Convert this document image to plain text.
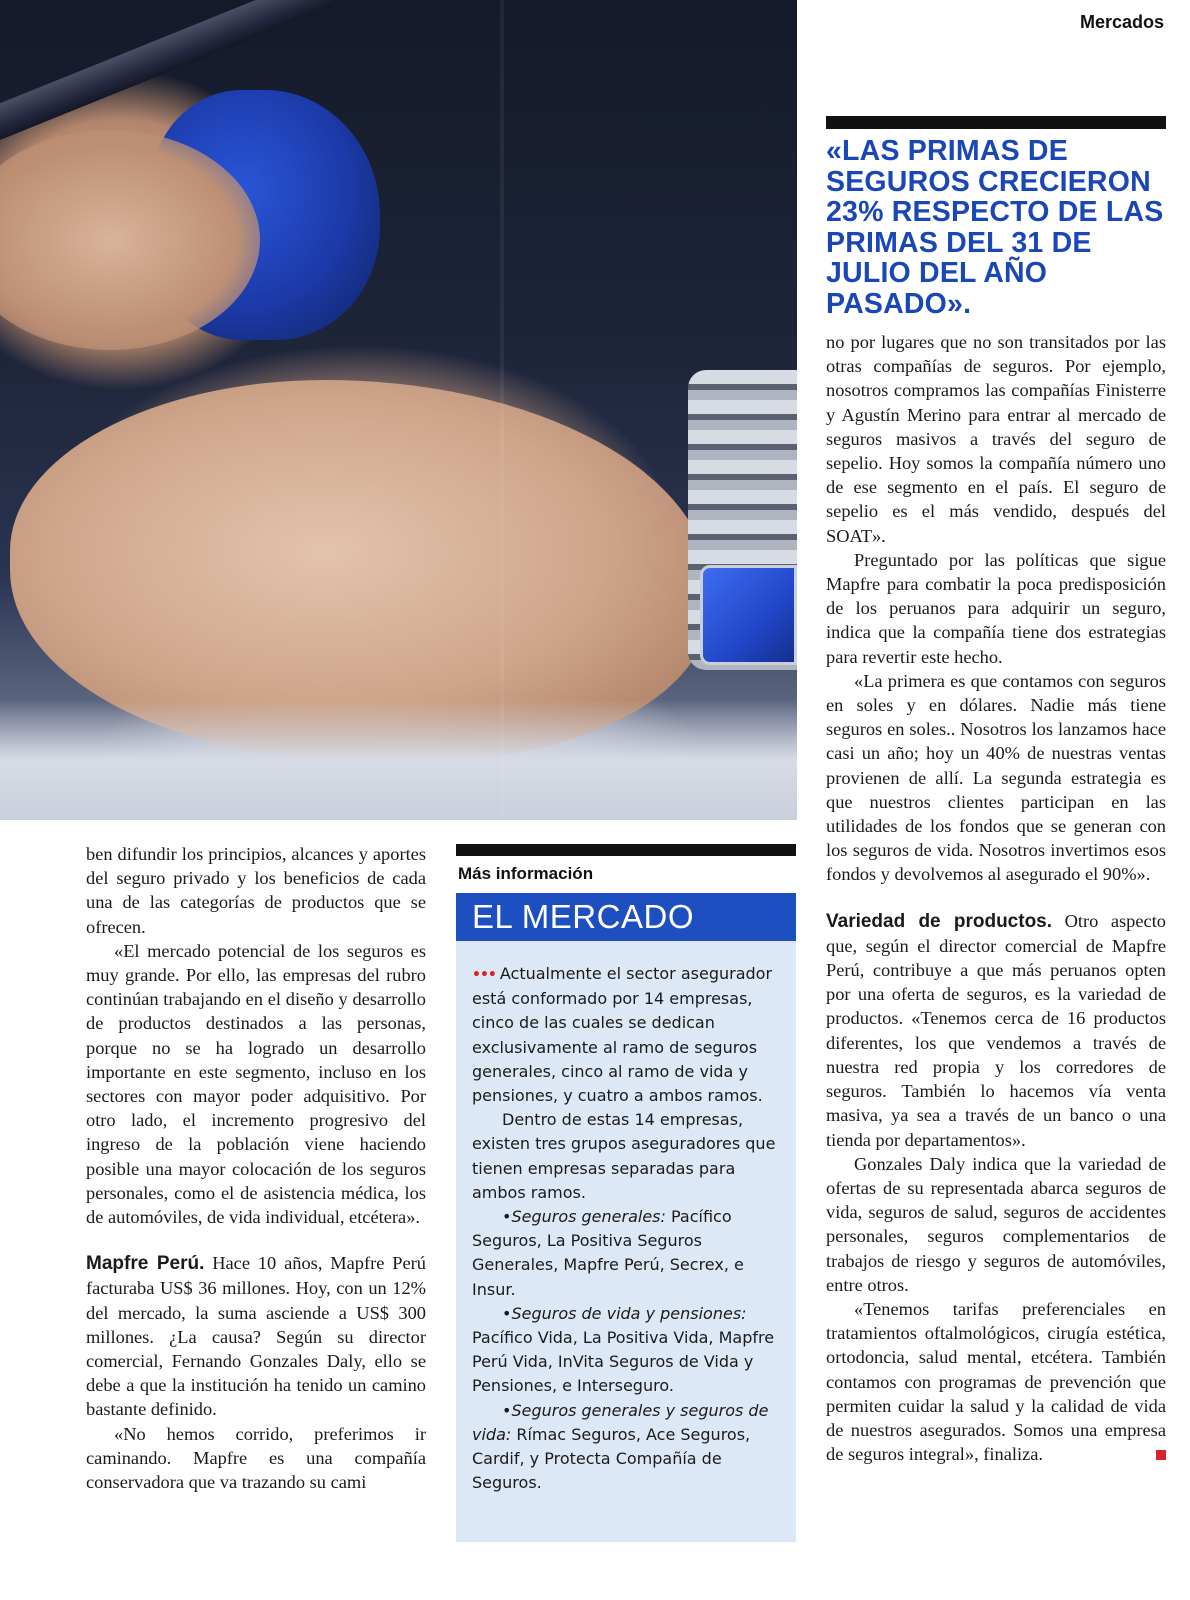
Mercados
«LAS PRIMAS DE SEGUROS CRECIERON 23% RESPECTO DE LAS PRIMAS DEL 31 DE JULIO DEL AÑO PASADO».

ben difundir los principios, alcances y aportes del seguro privado y los beneficios de cada una de las categorías de productos que se ofrecen.

«El mercado potencial de los seguros es muy grande. Por ello, las empresas del rubro continúan trabajando en el diseño y desarrollo de productos destinados a las personas, porque no se ha logrado un desarrollo importante en este segmento, incluso en los sectores con mayor poder adquisitivo. Por otro lado, el incremento progresivo del ingreso de la población viene haciendo posible una mayor colocación de los seguros personales, como el de asistencia médica, los de automóviles, de vida individual, etcétera».

Mapfre Perú. Hace 10 años, Mapfre Perú facturaba US$ 36 millones. Hoy, con un 12% del mercado, la suma asciende a US$ 300 millones. ¿La causa? Según su director comercial, Fernando Gonzales Daly, ello se debe a que la institución ha tenido un camino bastante definido.

«No hemos corrido, preferimos ir caminando. Mapfre es una compañía conservadora que va trazando su cami

Más información
EL MERCADO

••• Actualmente el sector asegurador está conformado por 14 empresas, cinco de las cuales se dedican exclusivamente al ramo de seguros generales, cinco al ramo de vida y pensiones, y cuatro a ambos ramos.

Dentro de estas 14 empresas, existen tres grupos aseguradores que tienen empresas separadas para ambos ramos.

•Seguros generales: Pacífico Seguros, La Positiva Seguros Generales, Mapfre Perú, Secrex, e Insur.

•Seguros de vida y pensiones: Pacífico Vida, La Positiva Vida, Mapfre Perú Vida, InVita Seguros de Vida y Pensiones, e Interseguro.

•Seguros generales y seguros de vida: Rímac Seguros, Ace Seguros, Cardif, y Protecta Compañía de Seguros.

no por lugares que no son transitados por las otras compañías de seguros. Por ejemplo, nosotros compramos las compañías Finisterre y Agustín Merino para entrar al mercado de seguros masivos a través del seguro de sepelio. Hoy somos la compañía número uno de ese segmento en el país. El seguro de sepelio es el más vendido, después del SOAT».

Preguntado por las políticas que sigue Mapfre para combatir la poca predisposición de los peruanos para adquirir un seguro, indica que la compañía tiene dos estrategias para revertir este hecho.

«La primera es que contamos con seguros en soles y en dólares. Nadie más tiene seguros en soles.. Nosotros los lanzamos hace casi un año; hoy un 40% de nuestras ventas provienen de allí. La segunda estrategia es que nuestros clientes participan en las utilidades de los fondos que se generan con los seguros de vida. Nosotros invertimos esos fondos y devolvemos al asegurado el 90%».

Variedad de productos. Otro aspecto que, según el director comercial de Mapfre Perú, contribuye a que más peruanos opten por una oferta de seguros, es la variedad de productos. «Tenemos cerca de 16 productos diferentes, los que vendemos a través de nuestra red propia y los corredores de seguros. También lo hacemos vía venta masiva, ya sea a través de un banco o una tienda por departamentos».

Gonzales Daly indica que la variedad de ofertas de su representada abarca seguros de vida, seguros de salud, seguros de accidentes personales, seguros complementarios de trabajos de riesgo y seguros de automóviles, entre otros.

«Tenemos tarifas preferenciales en tratamientos oftalmológicos, cirugía estética, ortodoncia, salud mental, etcétera. También contamos con programas de prevención que permiten cuidar la salud y la calidad de vida de nuestros asegurados. Somos una empresa de seguros integral», finaliza.
